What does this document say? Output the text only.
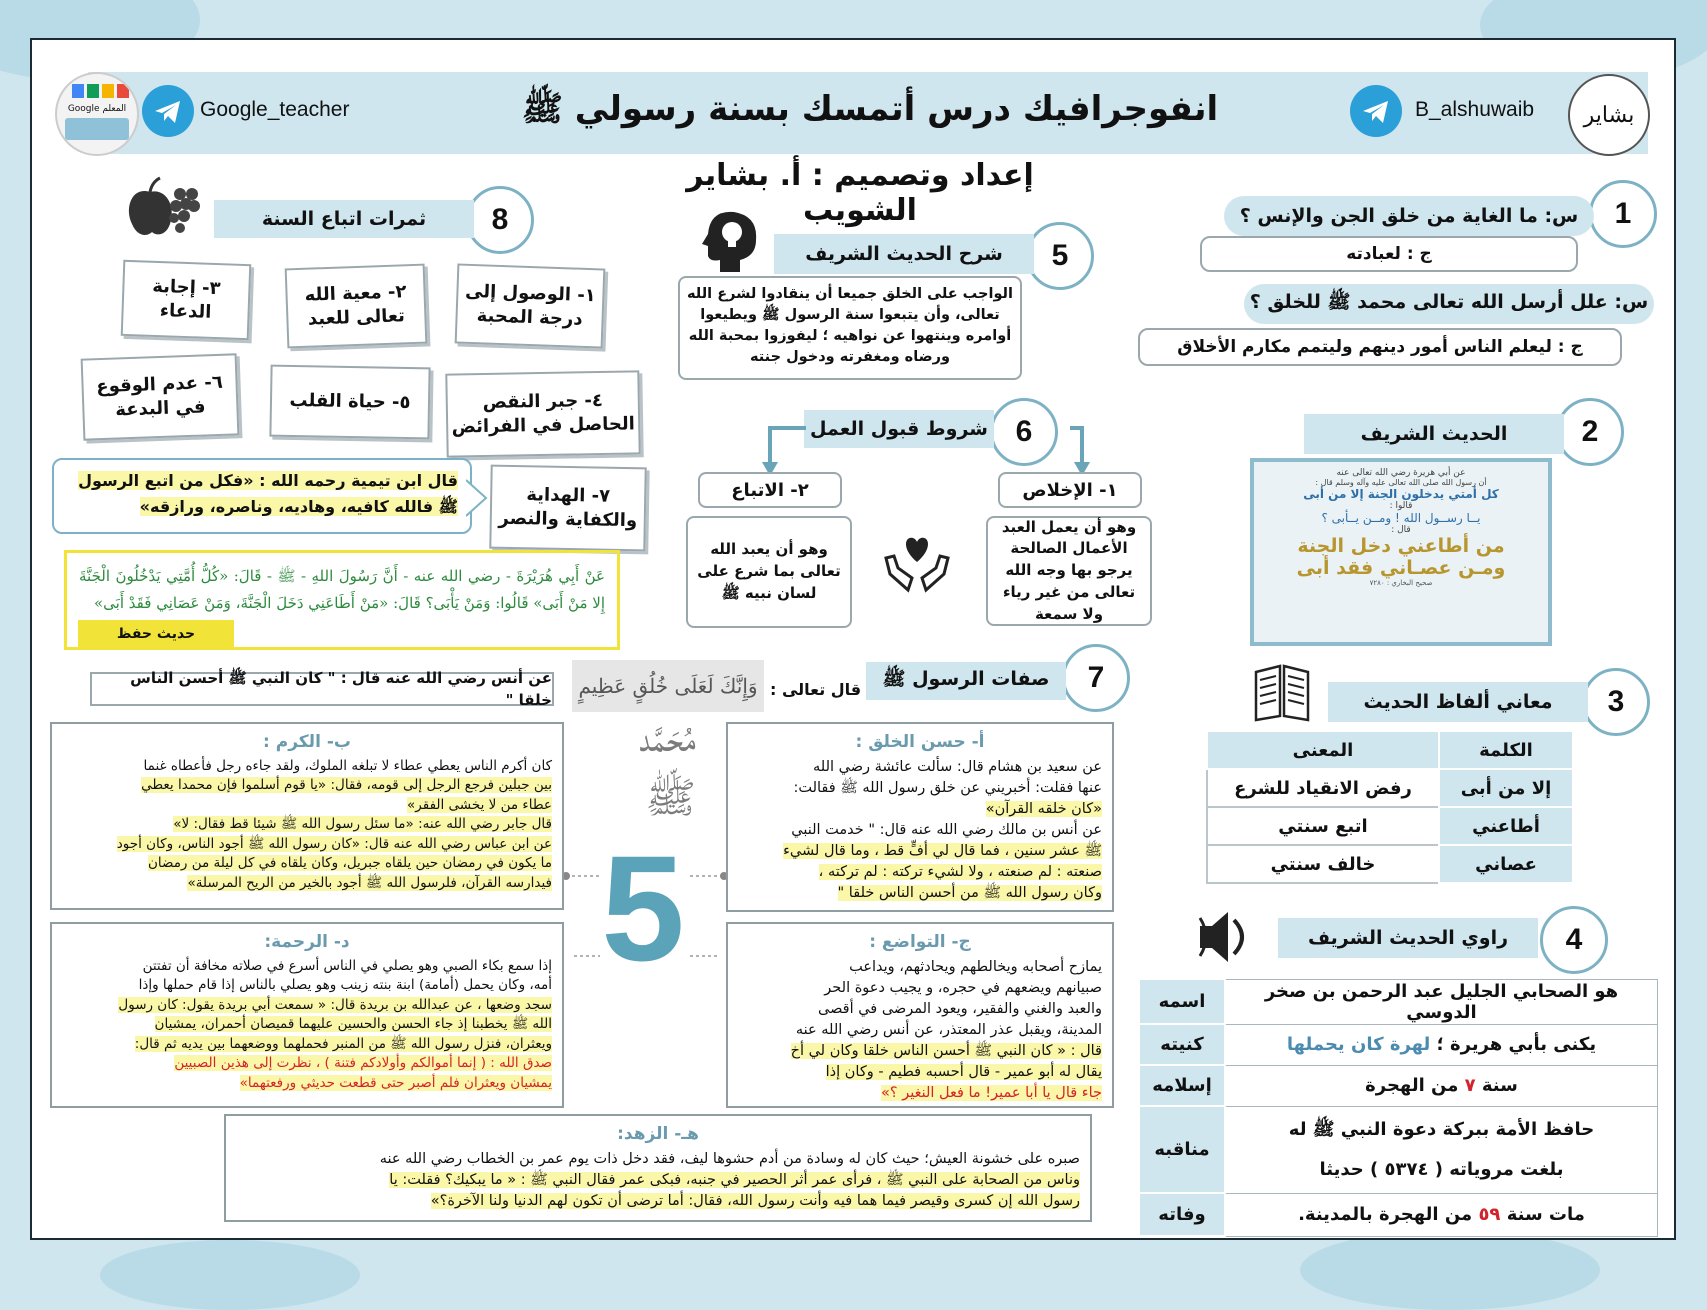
انفوجرافيك درس أتمسك بسنة رسولي ﷺ
المعلم Google	Google_teacher	B_alshuwaib	بشاير
إعداد وتصميم : أ. بشاير الشويب	1
س: ما الغاية من خلق الجن والإنس ؟
ج : لعبادته
س: علل أرسل الله تعالى محمد ﷺ للخلق ؟
ج : ليعلم الناس أمور دينهم وليتمم مكارم الأخلاق
2
الحديث الشريف
عن أبي هريرة رضي الله تعالى عنه
أن رسول الله صلى الله تعالى عليه وآله وسلم قال :
كل أمتي يدخلون الجنة إلا من أبى
قالوا :
يــا رســول الله ! ومــن يــأبى ؟
قال :
من أطاعني دخل الجنة
ومـن عصـاني فقد أبى
صحيح البخاري : ٧٢٨٠
3
معاني ألفاظ الحديث
الكلمة	المعنى
إلا من أبى	رفض الانقياد للشرع
أطاعني	اتبع سنتي
عصاني	خالف سنتي
4
راوي الحديث الشريف
هو الصحابي الجليل عبد الرحمن بن صخر الدوسي	اسمه
يكنى بأبي هريرة ؛ لهرة كان يحملها	كنيته
سنة ٧ من الهجرة	إسلامه

حافظ الأمة ببركة دعوة النبي ﷺ له
بلغت مروياته ( ٥٣٧٤ ) حديثا	مناقبه
مات سنة ٥٩ من الهجرة بالمدينة.	وفاته
5
شرح الحديث الشريف
الواجب على الخلق جميعا أن ينقادوا لشرع الله تعالى، وأن يتبعوا سنة الرسول ﷺ ويطيعوا أوامره وينتهوا عن نواهيه ؛ ليفوزوا بمحبة الله ورضاه ومغفرته ودخول جنته
6
شروط قبول العمل
١- الإخلاص
وهو أن يعمل العبد الأعمال الصالحة يرجو بها وجه الله تعالى من غير رياء ولا سمعة
٢- الاتباع
وهو أن يعبد الله تعالى بما شرع على لسان نبيه ﷺ
8
ثمرات اتباع السنة
١- الوصول إلى درجة المحبة
٢- معية الله تعالى للعبد
٣- إجابة الدعاء
٤- جبر النقص الحاصل في الفرائض
٥- حياة القلب
٦- عدم الوقوع في البدعة
٧- الهداية والكفاية والنصر
قال ابن تيمية رحمه الله : «فكل من اتبع الرسول ﷺ فالله كافيه، وهاديه، وناصره، ورازقه»
عَنْ أَبِي هُرَيْرَةَ - رضي الله عنه - أَنَّ رَسُولَ اللهِ - ﷺ - قَالَ: «كُلُّ أُمَّتِي يَدْخُلُونَ الْجَنَّةَ إِلا مَنْ أَبَى» قَالُوا: وَمَنْ يَأْبَى؟ قَالَ: «مَنْ أَطَاعَنِي دَخَلَ الْجَنَّةَ، وَمَنْ عَصَانِي فَقَدْ أَبَى»
حديث حفظ
7
صفات الرسول ﷺ
قال تعالى :
وَإِنَّكَ لَعَلَى خُلُقٍ عَظِيمٍ
عن أنس رضي الله عنه قال : " كان النبي ﷺ أحسن الناس خلقا "
مُحَمَّد ﷺ
5
أ- حسن الخلق :
عن سعيد بن هشام قال: سألت عائشة رضي الله
عنها فقلت: أخبريني عن خلق رسول الله ﷺ فقالت:
«كان خلقه القرآن»
عن أنس بن مالك رضي الله عنه قال: " خدمت النبي
ﷺ عشر سنين ، فما قال لي أفٍّ قط ، وما قال لشيء
صنعته : لم صنعته ، ولا لشيء تركته : لم تركته ،
وكان رسول الله ﷺ من أحسن الناس خلقا "
ب- الكرم :
كان أكرم الناس يعطي عطاء لا تبلغه الملوك، ولقد جاءه رجل فأعطاه غنما
بين جبلين فرجع الرجل إلى قومه، فقال: «يا قوم أسلموا فإن محمدا يعطي
عطاء من لا يخشى الفقر»
قال جابر رضي الله عنه: «ما سئل رسول الله ﷺ شيئا قط فقال: لا»
عن ابن عباس رضي الله عنه قال: «كان رسول الله ﷺ أجود الناس، وكان أجود
ما يكون في رمضان حين يلقاه جبريل، وكان يلقاه في كل ليلة من رمضان
فيدارسه القرآن، فلرسول الله ﷺ أجود بالخير من الريح المرسلة»
ج- التواضع :
يمازح أصحابه ويخالطهم ويحادثهم، ويداعب
صبيانهم ويضعهم في حجره، و يجيب دعوة الحر
والعبد والغني والفقير، ويعود المرضى في أقصى
المدينة، ويقبل عذر المعتذر، عن أنس رضي الله عنه
قال : « كان النبي ﷺ أحسن الناس خلقا وكان لي أخ
يقال له أبو عمير - قال أحسبه فطيم - وكان إذا
جاء قال يا أبا عمير! ما فعل النغير ؟»
د- الرحمة:
إذا سمع بكاء الصبي وهو يصلي في الناس أسرع في صلاته مخافة أن تفتتن
أمه، وكان يحمل (أمامة) ابنة بنته زينب وهو يصلي بالناس إذا قام حملها وإذا
سجد وضعها ، عن عبدالله بن بريدة قال: « سمعت أبي بريدة يقول: كان رسول
الله ﷺ يخطبنا إذ جاء الحسن والحسين عليهما قميصان أحمران، يمشيان
ويعثران، فنزل رسول الله ﷺ من المنبر فحملهما ووضعهما بين يديه ثم قال:
صدق الله : ( إنما أموالكم وأولادكم فتنة ) ، نظرت إلى هذين الصبيين
يمشيان ويعثران فلم أصبر حتى قطعت حديثي ورفعتهما»
هـ- الزهد:
صبره على خشونة العيش؛ حيث كان له وسادة من أدم حشوها ليف، فقد دخل ذات يوم عمر بن الخطاب رضي الله عنه
وناس من الصحابة على النبي ﷺ ، فرأى عمر أثر الحصير في جنبه، فبكى عمر فقال النبي ﷺ : « ما يبكيك؟ فقلت: يا
رسول الله إن كسرى وقيصر فيما هما فيه وأنت رسول الله، فقال: أما ترضى أن تكون لهم الدنيا ولنا الآخرة؟»
